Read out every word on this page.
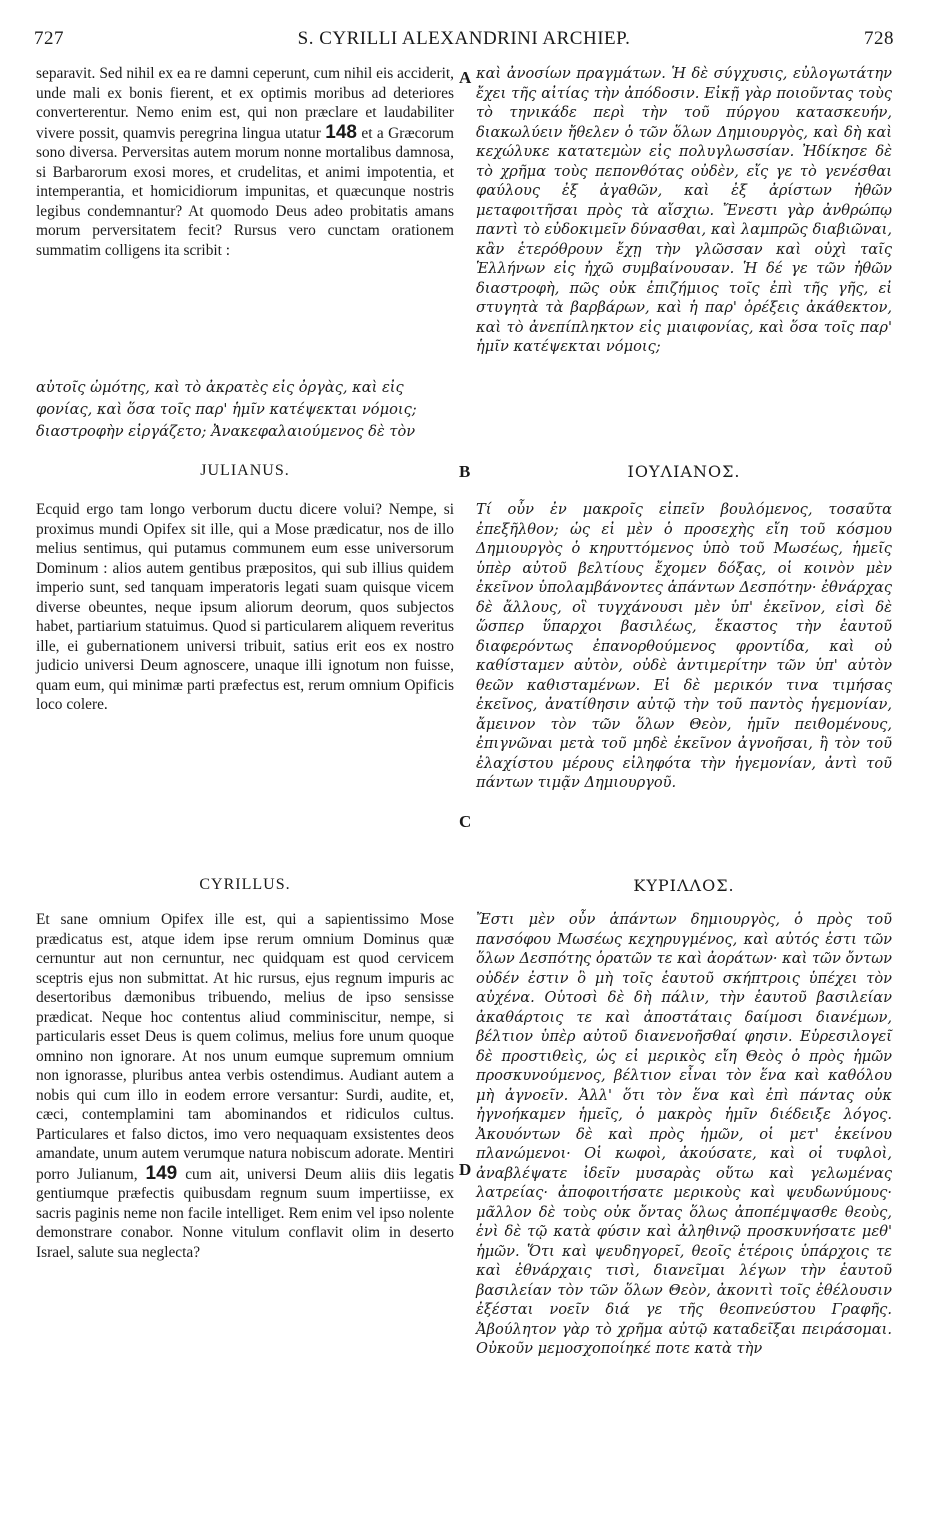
727	S. CYRILLI ALEXANDRINI ARCHIEP.	728

separavit. Sed nihil ex ea re damni ceperunt, cum nihil eis acciderit, unde mali ex bonis fierent, et ex optimis moribus ad deteriores converterentur. Nemo enim est, qui non præclare et laudabiliter vivere possit, quamvis peregrina lingua utatur 148 et a Græcorum sono diversa. Perversitas autem morum nonne mortalibus damnosa, si Barbarorum exosi mores, et crudelitas, et animi impotentia, et intemperantia, et homicidiorum impunitas, et quæcunque nostris legibus condemnantur? At quomodo Deus adeo probitatis amans morum perversitatem fecit? Rursus vero cunctam orationem summatim colligens ita scribit :

καὶ ἀνοσίων πραγμάτων. Ἡ δὲ σύγχυσις, εὐλογωτάτην ἔχει τῆς αἰτίας τὴν ἀπόδοσιν. Εἰκῇ γὰρ ποιοῦντας τοὺς τὸ τηνικάδε περὶ τὴν τοῦ πύργου κατασκευήν, διακωλύειν ἤθελεν ὁ τῶν ὅλων Δημιουργὸς, καὶ δὴ καὶ κεχώλυκε κατατεμὼν εἰς πολυγλωσσίαν. Ἠδίκησε δὲ τὸ χρῆμα τοὺς πεπονθότας οὐδὲν, εἴς γε τὸ γενέσθαι φαύλους ἐξ ἀγαθῶν, καὶ ἐξ ἀρίστων ἠθῶν μεταφοιτῆσαι πρὸς τὰ αἴσχιω. Ἔνεστι γὰρ ἀνθρώπῳ παντὶ τὸ εὐδοκιμεῖν δύνασθαι, καὶ λαμπρῶς διαβιῶναι, κἂν ἑτερόθρουν ἔχῃ τὴν γλῶσσαν καὶ οὐχὶ ταῖς Ἑλλήνων εἰς ἠχῶ συμβαίνουσαν. Ἡ δέ γε τῶν ἠθῶν διαστροφὴ, πῶς οὐκ ἐπιζήμιος τοῖς ἐπὶ τῆς γῆς, εἰ στυγητὰ τὰ βαρβάρων, καὶ ἡ παρ' ὀρέξεις ἀκάθεκτον, καὶ τὸ ἀνεπίπληκτον εἰς μιαιφονίας, καὶ ὅσα τοῖς παρ' ἡμῖν κατέψεκται νόμοις;

αὐτοῖς ὠμότης, καὶ τὸ ἀκρατὲς εἰς ὀργὰς, καὶ εἰς
φονίας, καὶ ὅσα τοῖς παρ' ἡμῖν κατέψεκται νόμοις;
διαστροφὴν εἰργάζετο; Ἀνακεφαλαιούμενος δὲ τὸν
A
B
C
D
JULIANUS.	ΙΟΥΛΙΑΝΟΣ.

Ecquid ergo tam longo verborum ductu dicere volui? Nempe, si proximus mundi Opifex sit ille, qui a Mose prædicatur, nos de illo melius sentimus, qui putamus communem eum esse universorum Dominum : alios autem gentibus præpositos, qui sub illius quidem imperio sunt, sed tanquam imperatoris legati suam quisque vicem diverse obeuntes, neque ipsum aliorum deorum, quos subjectos habet, partiarium statuimus. Quod si particularem aliquem reveritus ille, ei gubernationem universi tribuit, satius erit eos ex nostro judicio universi Deum agnoscere, unaque illi ignotum non fuisse, quam eum, qui minimæ parti præfectus est, rerum omnium Opificis loco colere.

Τί οὖν ἐν μακροῖς εἰπεῖν βουλόμενος, τοσαῦτα ἐπεξῆλθον; ὡς εἰ μὲν ὁ προσεχὴς εἴη τοῦ κόσμου Δημιουργὸς ὁ κηρυττόμενος ὑπὸ τοῦ Μωσέως, ἡμεῖς ὑπὲρ αὐτοῦ βελτίους ἔχομεν δόξας, οἱ κοινὸν μὲν ἐκεῖνον ὑπολαμβάνοντες ἁπάντων Δεσπότην· ἐθνάρχας δὲ ἄλλους, οἳ τυγχάνουσι μὲν ὑπ' ἐκεῖνον, εἰσὶ δὲ ὥσπερ ὕπαρχοι βασιλέως, ἕκαστος τὴν ἑαυτοῦ διαφερόντως ἐπανορθούμενος φροντίδα, καὶ οὐ καθίσταμεν αὐτὸν, οὐδὲ ἀντιμερίτην τῶν ὑπ' αὐτὸν θεῶν καθισταμένων. Εἰ δὲ μερικόν τινα τιμήσας ἐκεῖνος, ἀνατίθησιν αὐτῷ τὴν τοῦ παντὸς ἡγεμονίαν, ἄμεινον τὸν τῶν ὅλων Θεὸν, ἡμῖν πειθομένους, ἐπιγνῶναι μετὰ τοῦ μηδὲ ἐκεῖνον ἀγνοῆσαι, ἢ τὸν τοῦ ἐλαχίστου μέρους εἰληφότα τὴν ἡγεμονίαν, ἀντὶ τοῦ πάντων τιμᾷν Δημιουργοῦ.

CYRILLUS.	ΚΥΡΙΛΛΟΣ.

Et sane omnium Opifex ille est, qui a sapientissimo Mose prædicatus est, atque idem ipse rerum omnium Dominus quæ cernuntur aut non cernuntur, nec quidquam est quod cervicem sceptris ejus non submittat. At hic rursus, ejus regnum impuris ac desertoribus dæmonibus tribuendo, melius de ipso sensisse prædicat. Neque hoc contentus aliud comminiscitur, nempe, si particularis esset Deus is quem colimus, melius fore unum quoque omnino non ignorare. At nos unum eumque supremum omnium non ignorasse, pluribus antea verbis ostendimus. Audiant autem a nobis qui cum illo in eodem errore versantur: Surdi, audite, et, cæci, contemplamini tam abominandos et ridiculos cultus. Particulares et falso dictos, imo vero nequaquam exsistentes deos amandate, unum autem verumque natura nobiscum adorate. Mentiri porro Julianum, 149 cum ait, universi Deum aliis diis legatis gentiumque præfectis quibusdam regnum suum impertiisse, ex sacris paginis neme non facile intelliget. Rem enim vel ipso nolente demonstrare conabor. Nonne vitulum conflavit olim in deserto Israel, salute sua neglecta?

Ἔστι μὲν οὖν ἁπάντων δημιουργὸς, ὁ πρὸς τοῦ πανσόφου Μωσέως κεχηρυγμένος, καὶ αὐτός ἐστι τῶν ὅλων Δεσπότης ὁρατῶν τε καὶ ἀοράτων· καὶ τῶν ὄντων οὐδέν ἐστιν ὃ μὴ τοῖς ἑαυτοῦ σκήπτροις ὑπέχει τὸν αὐχένα. Οὑτοσὶ δὲ δὴ πάλιν, τὴν ἑαυτοῦ βασιλείαν ἀκαθάρτοις τε καὶ ἀποστάταις δαίμοσι διανέμων, βέλτιον ὑπὲρ αὐτοῦ διανενοῆσθαί φησιν. Εὑρεσιλογεῖ δὲ προστιθεὶς, ὡς εἰ μερικὸς εἴη Θεὸς ὁ πρὸς ἡμῶν προσκυνούμενος, βέλτιον εἶναι τὸν ἕνα καὶ καθόλου μὴ ἀγνοεῖν. Ἀλλ' ὅτι τὸν ἕνα καὶ ἐπὶ πάντας οὐκ ἠγνοήκαμεν ἡμεῖς, ὁ μακρὸς ἡμῖν διέδειξε λόγος. Ἀκουόντων δὲ καὶ πρὸς ἡμῶν, οἱ μετ' ἐκείνου πλανώμενοι· Οἱ κωφοὶ, ἀκούσατε, καὶ οἱ τυφλοὶ, ἀναβλέψατε ἰδεῖν μυσαρὰς οὕτω καὶ γελωμένας λατρείας· ἀποφοιτήσατε μερικοὺς καὶ ψευδωνύμους· μᾶλλον δὲ τοὺς οὐκ ὄντας ὅλως ἀποπέμψασθε θεοὺς, ἑνὶ δὲ τῷ κατὰ φύσιν καὶ ἀληθινῷ προσκυνήσατε μεθ' ἡμῶν. Ὅτι καὶ ψευδηγορεῖ, θεοῖς ἑτέροις ὑπάρχοις τε καὶ ἐθνάρχαις τισὶ, διανεῖμαι λέγων τὴν ἑαυτοῦ βασιλείαν τὸν τῶν ὅλων Θεὸν, ἀκονιτὶ τοῖς ἐθέλουσιν ἐξέσται νοεῖν διά γε τῆς θεοπνεύστου Γραφῆς. Ἀβούλητον γὰρ τὸ χρῆμα αὐτῷ καταδεῖξαι πειράσομαι. Οὐκοῦν μεμοσχοποίηκέ ποτε κατὰ τὴν
